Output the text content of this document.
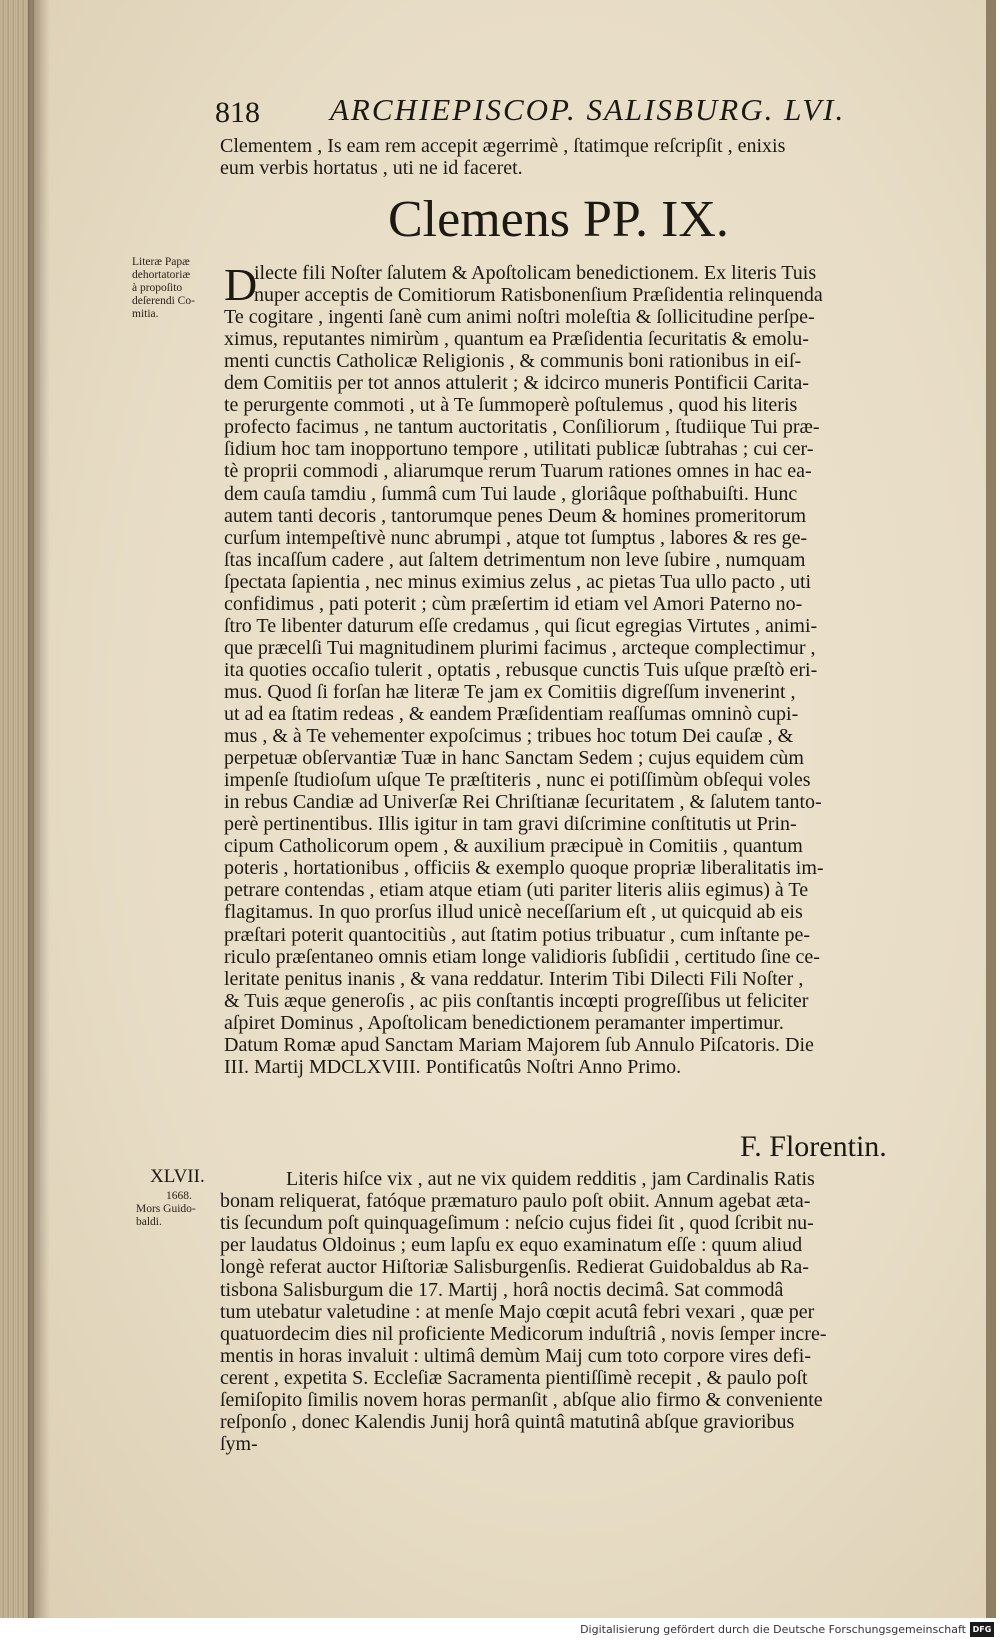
818 ARCHIEPISCOP. SALISBURG. LVI.
Clementem , Is eam rem accepit ægerrimè , ſtatimque reſcripſit , enixis
eum verbis hortatus , uti ne id faceret.
Clemens PP. IX.
Literæ Papæ
dehortatoriæ
à propoſito
deſerendi Co-
mitia.
D
ilecte fili Noſter ſalutem & Apoſtolicam benedictionem. Ex literis Tuis
nuper acceptis de Comitiorum Ratisbonenſium Præſidentia relinquenda
Te cogitare , ingenti ſanè cum animi noſtri moleſtia & ſollicitudine perſpe-
ximus, reputantes nimirùm , quantum ea Præſidentia ſecuritatis & emolu-
menti cunctis Catholicæ Religionis , & communis boni rationibus in eiſ-
dem Comitiis per tot annos attulerit ; & idcirco muneris Pontificii Carita-
te perurgente commoti , ut à Te ſummoperè poſtulemus , quod his literis
profecto facimus , ne tantum auctoritatis , Conſiliorum , ſtudiique Tui præ-
ſidium hoc tam inopportuno tempore , utilitati publicæ ſubtrahas ; cui cer-
tè proprii commodi , aliarumque rerum Tuarum rationes omnes in hac ea-
dem cauſa tamdiu , ſummâ cum Tui laude , gloriâque poſthabuiſti. Hunc
autem tanti decoris , tantorumque penes Deum & homines promeritorum
curſum intempeſtivè nunc abrumpi , atque tot ſumptus , labores & res ge-
ſtas incaſſum cadere , aut ſaltem detrimentum non leve ſubire , numquam
ſpectata ſapientia , nec minus eximius zelus , ac pietas Tua ullo pacto , uti
confidimus , pati poterit ; cùm præſertim id etiam vel Amori Paterno no-
ſtro Te libenter daturum eſſe credamus , qui ſicut egregias Virtutes , animi-
que præcelſi Tui magnitudinem plurimi facimus , arcteque complectimur ,
ita quoties occaſio tulerit , optatis , rebusque cunctis Tuis uſque præſtò eri-
mus. Quod ſi forſan hæ literæ Te jam ex Comitiis digreſſum invenerint ,
ut ad ea ſtatim redeas , & eandem Præſidentiam reaſſumas omninò cupi-
mus , & à Te vehementer expoſcimus ; tribues hoc totum Dei cauſæ , &
perpetuæ obſervantiæ Tuæ in hanc Sanctam Sedem ; cujus equidem cùm
impenſe ſtudioſum uſque Te præſtiteris , nunc ei potiſſimùm obſequi voles
in rebus Candiæ ad Univerſæ Rei Chriſtianæ ſecuritatem , & ſalutem tanto-
perè pertinentibus. Illis igitur in tam gravi diſcrimine conſtitutis ut Prin-
cipum Catholicorum opem , & auxilium præcipuè in Comitiis , quantum
poteris , hortationibus , officiis & exemplo quoque propriæ liberalitatis im-
petrare contendas , etiam atque etiam (uti pariter literis aliis egimus) à Te
flagitamus. In quo prorſus illud unicè neceſſarium eſt , ut quicquid ab eis
præſtari poterit quantocitiùs , aut ſtatim potius tribuatur , cum inſtante pe-
riculo præſentaneo omnis etiam longe validioris ſubſidii , certitudo ſine ce-
leritate penitus inanis , & vana reddatur. Interim Tibi Dilecti Fili Noſter ,
& Tuis æque generoſis , ac piis conſtantis incœpti progreſſibus ut feliciter
aſpiret Dominus , Apoſtolicam benedictionem peramanter impertimur.
Datum Romæ apud Sanctam Mariam Majorem ſub Annulo Piſcatoris. Die
III. Martij MDCLXVIII. Pontificatûs Noſtri Anno Primo.
F. Florentin.
XLVII.
1668.
Mors Guido-
baldi.
Literis hiſce vix , aut ne vix quidem redditis , jam Cardinalis Ratis
bonam reliquerat, fatóque præmaturo paulo poſt obiit. Annum agebat æta-
tis ſecundum poſt quinquageſimum : neſcio cujus fidei ſit , quod ſcribit nu-
per laudatus Oldoinus ; eum lapſu ex equo examinatum eſſe : quum aliud
longè referat auctor Hiſtoriæ Salisburgenſis. Redierat Guidobaldus ab Ra-
tisbona Salisburgum die 17. Martij , horâ noctis decimâ. Sat commodâ
tum utebatur valetudine : at menſe Majo cœpit acutâ febri vexari , quæ per
quatuordecim dies nil proficiente Medicorum induſtriâ , novis ſemper incre-
mentis in horas invaluit : ultimâ demùm Maij cum toto corpore vires defi-
cerent , expetita S. Eccleſiæ Sacramenta pientiſſimè recepit , & paulo poſt
ſemiſopito ſimilis novem horas permanſit , abſque alio firmo & conveniente
reſponſo , donec Kalendis Junij horâ quintâ matutinâ abſque gravioribus
ſym-
Digitalisierung gefördert durch die Deutsche Forschungsgemeinschaft DFG
